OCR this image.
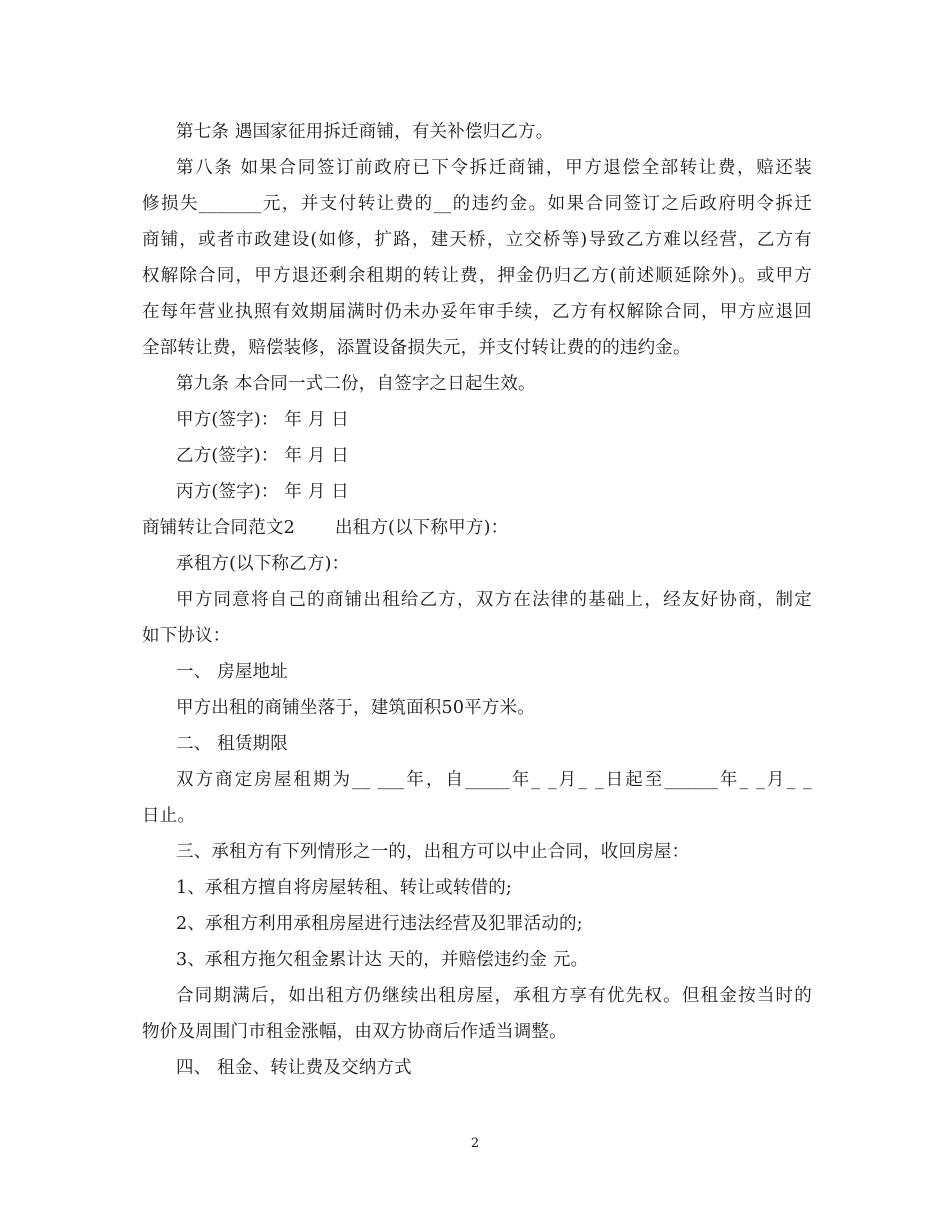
第七条 遇国家征用拆迁商铺，有关补偿归乙方。
第八条 如果合同签订前政府已下令拆迁商铺，甲方退偿全部转让费，赔还装
修损失_______元，并支付转让费的__的违约金。如果合同签订之后政府明令拆迁
商铺，或者市政建设(如修，扩路，建天桥，立交桥等)导致乙方难以经营，乙方有
权解除合同，甲方退还剩余租期的转让费，押金仍归乙方(前述顺延除外)。或甲方
在每年营业执照有效期届满时仍未办妥年审手续，乙方有权解除合同，甲方应退回
全部转让费，赔偿装修，添置设备损失元，并支付转让费的的违约金。
第九条 本合同一式二份，自签字之日起生效。
甲方(签字)： 年 月 日
乙方(签字)： 年 月 日
丙方(签字)： 年 月 日
商铺转让合同范文2 出租方(以下称甲方)：
承租方(以下称乙方)：
甲方同意将自己的商铺出租给乙方，双方在法律的基础上，经友好协商，制定
如下协议：
一、 房屋地址
甲方出租的商铺坐落于，建筑面积50平方米。
二、 租赁期限
双方商定房屋租期为__ ___年，自_____年_ _月_ _日起至______年_ _月_ _
日止。
三、承租方有下列情形之一的，出租方可以中止合同，收回房屋：
1、承租方擅自将房屋转租、转让或转借的;
2、承租方利用承租房屋进行违法经营及犯罪活动的;
3、承租方拖欠租金累计达 天的，并赔偿违约金 元。
合同期满后，如出租方仍继续出租房屋，承租方享有优先权。但租金按当时的
物价及周围门市租金涨幅，由双方协商后作适当调整。
四、 租金、转让费及交纳方式
2
